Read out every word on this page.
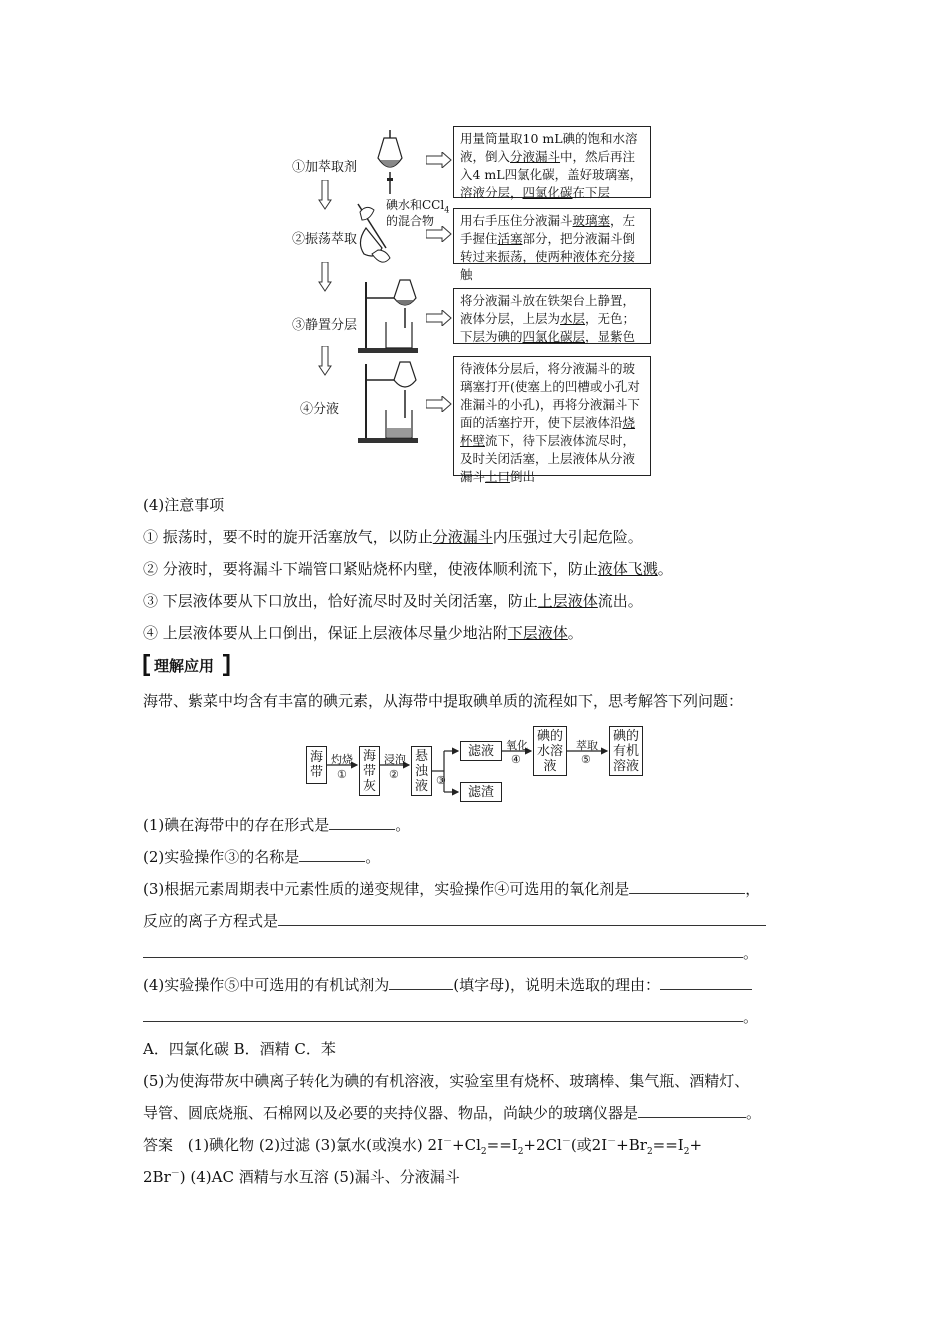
①加萃取剂
②振荡萃取
③静置分层
④分液
碘水和CCl$_4$
的混合物
用量筒量取10 mL碘的饱和水溶液，倒入分液漏斗中，然后再注入4 mL四氯化碳，盖好玻璃塞，溶液分层，四氯化碳在下层
用右手压住分液漏斗玻璃塞，左手握住活塞部分，把分液漏斗倒转过来振荡，使两种液体充分接触
将分液漏斗放在铁架台上静置，液体分层，上层为水层，无色；下层为碘的四氯化碳层，显紫色
待液体分层后，将分液漏斗的玻璃塞打开(使塞上的凹槽或小孔对准漏斗的小孔)，再将分液漏斗下面的活塞拧开，使下层液体沿烧杯壁流下，待下层液体流尽时，及时关闭活塞，上层液体从分液漏斗上口倒出
(4)注意事项
① 振荡时，要不时的旋开活塞放气，以防止分液漏斗内压强过大引起危险。
② 分液时，要将漏斗下端管口紧贴烧杯内壁，使液体顺利流下，防止液体飞溅。
③ 下层液体要从下口放出，恰好流尽时及时关闭活塞，防止上层液体流出。
④ 上层液体要从上口倒出，保证上层液体尽量少地沾附下层液体。
理解应用
海带、紫菜中均含有丰富的碘元素，从海带中提取碘单质的流程如下，思考解答下列问题：
海带
海带灰
悬浊液
滤液
滤渣
碘的水溶液
碘的有机溶液
灼烧
①
浸泡
②	③
氧化
④
萃取
⑤
(1)碘在海带中的存在形式是	。
(2)实验操作③的名称是	。
(3)根据元素周期表中元素性质的递变规律，实验操作④可选用的氧化剂是	，
反应的离子方程式是
。
(4)实验操作⑤中可选用的有机试剂为	(填字母)，说明未选取的理由：
。
A．四氯化碳 B．酒精 C．苯
(5)为使海带灰中碘离子转化为碘的有机溶液，实验室里有烧杯、玻璃棒、集气瓶、酒精灯、
导管、圆底烧瓶、石棉网以及必要的夹持仪器、物品，尚缺少的玻璃仪器是	。
答案 (1)碘化物 (2)过滤 (3)氯水(或溴水) $2I^-+Cl_2==I_2+2Cl^-$(或$2I^-+Br_2==I_2+$
2Br－) (4)AC 酒精与水互溶 (5)漏斗、分液漏斗
